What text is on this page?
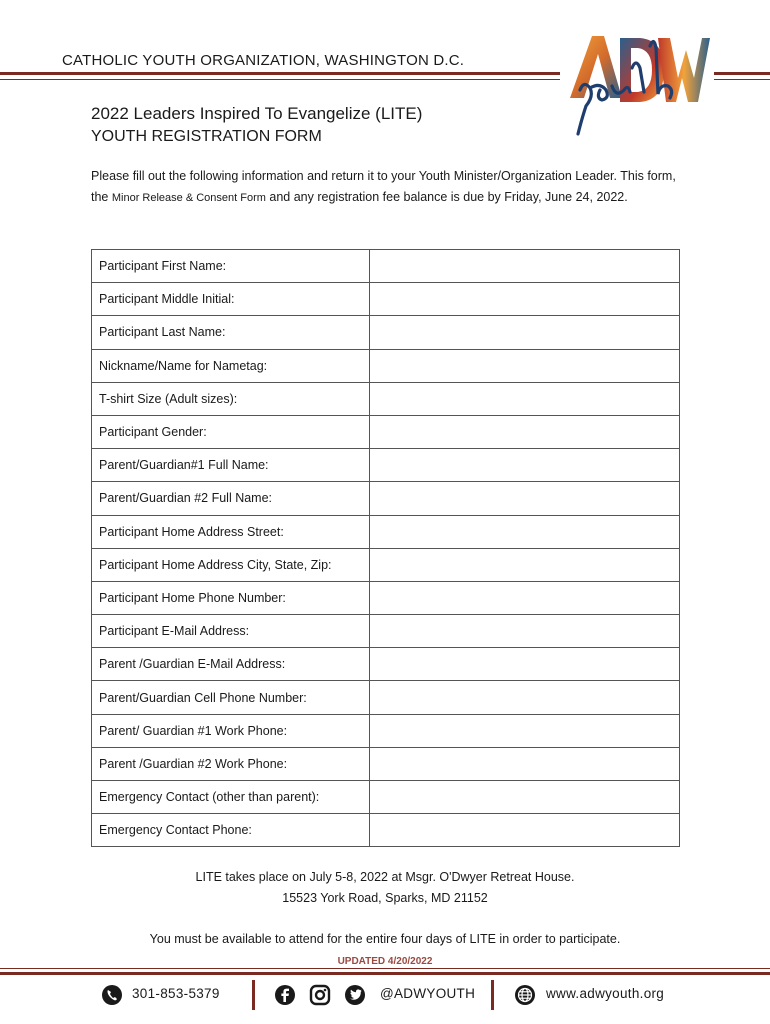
CATHOLIC YOUTH ORGANIZATION, WASHINGTON D.C.
2022 Leaders Inspired To Evangelize (LITE)
YOUTH REGISTRATION FORM
Please fill out the following information and return it to your Youth Minister/Organization Leader. This form, the Minor Release & Consent Form and any registration fee balance is due by Friday, June 24, 2022.
Participant First Name:	
Participant Middle Initial:	
Participant Last Name:	
Nickname/Name for Nametag:	
T-shirt Size (Adult sizes):	
Participant Gender:	
Parent/Guardian#1 Full Name:	
Parent/Guardian #2 Full Name:	
Participant Home Address Street:	
Participant Home Address City, State, Zip:	
Participant Home Phone Number:	
Participant E-Mail Address:	
Parent /Guardian E-Mail Address:	
Parent/Guardian Cell Phone Number:	
Parent/ Guardian #1 Work Phone:	
Parent /Guardian #2 Work Phone:	
Emergency Contact (other than parent):	
Emergency Contact Phone:	
LITE takes place on July 5-8, 2022 at Msgr. O'Dwyer Retreat House.
15523 York Road, Sparks, MD 21152
You must be available to attend for the entire four days of LITE in order to participate.
UPDATED 4/20/2022
301-853-5379	@ADWYOUTH	www.adwyouth.org
